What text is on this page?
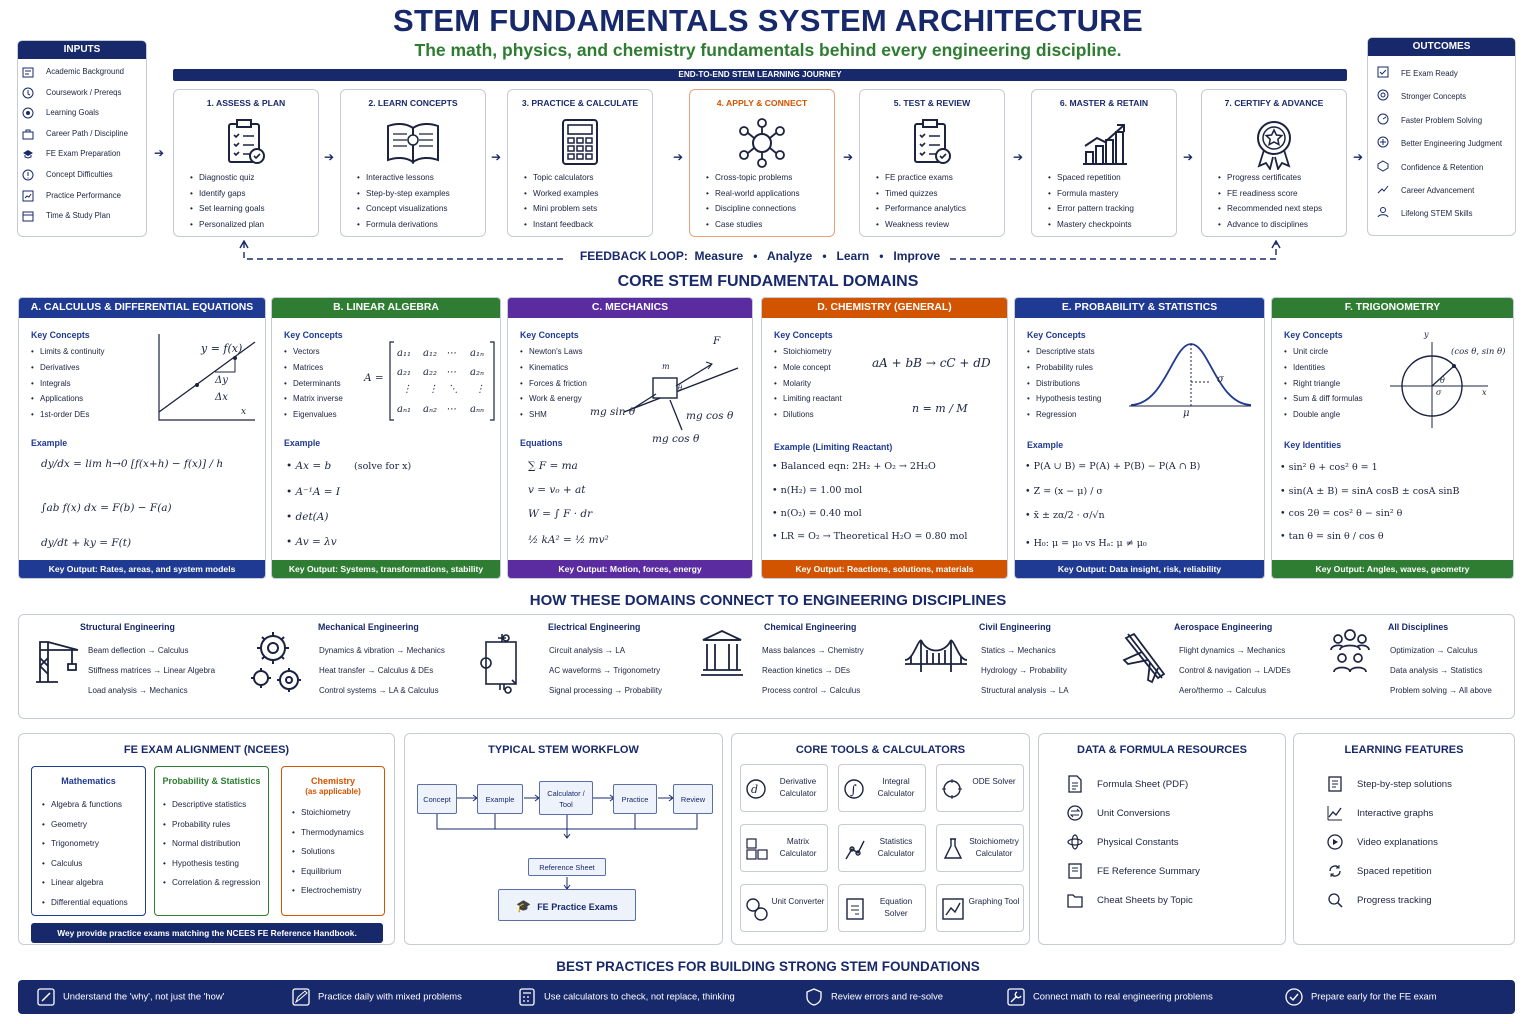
STEM FUNDAMENTALS SYSTEM ARCHITECTURE
The math, physics, and chemistry fundamentals behind every engineering discipline.
INPUTS
Academic Background
Coursework / Prereqs
Learning Goals
Career Path / Discipline
FE Exam Preparation
Concept Difficulties
Practice Performance
Time & Study Plan
➔
OUTCOMES
FE Exam Ready
Stronger Concepts
Faster Problem Solving
Better Engineering Judgment
Confidence & Retention
Career Advancement
Lifelong STEM Skills
END-TO-END STEM LEARNING JOURNEY
1. ASSESS & PLAN
• Diagnostic quiz
• Identify gaps
• Set learning goals
• Personalized plan
➔
2. LEARN CONCEPTS
• Interactive lessons
• Step-by-step examples
• Concept visualizations
• Formula derivations
➔
3. PRACTICE & CALCULATE
• Topic calculators
• Worked examples
• Mini problem sets
• Instant feedback
➔
4. APPLY & CONNECT
• Cross-topic problems
• Real-world applications
• Discipline connections
• Case studies
➔
5. TEST & REVIEW
• FE practice exams
• Timed quizzes
• Performance analytics
• Weakness review
➔
6. MASTER & RETAIN
• Spaced repetition
• Formula mastery
• Error pattern tracking
• Mastery checkpoints
➔
7. CERTIFY & ADVANCE
• Progress certificates
• FE readiness score
• Recommended next steps
• Advance to disciplines
➔
FEEDBACK LOOP:  Measure   •   Analyze   •   Learn   •   Improve
CORE STEM FUNDAMENTAL DOMAINS
A. CALCULUS & DIFFERENTIAL EQUATIONS
Key Concepts
• Limits & continuity
• Derivatives
• Integrals
• Applications
• 1st-order DEs
y = f(x)
Δy
Δx
x
Example
dy/dx = lim h→0 [f(x+h) − f(x)] / h
∫ab f(x) dx = F(b) − F(a)
dy/dt + ky = F(t)
Key Output: Rates, areas, and system models
B. LINEAR ALGEBRA
Key Concepts
• Vectors
• Matrices
• Determinants
• Matrix inverse
• Eigenvalues
A =
a₁₁ a₁₂ ⋯ a₁ₙ
a₂₁ a₂₂ ⋯ a₂ₙ
⋮ ⋮ ⋱ ⋮
aₙ₁ aₙ₂ ⋯ aₙₙ
Example
• Ax = b (solve for x)
• A⁻¹A = I
• det(A)
• Av = λv
Key Output: Systems, transformations, stability
C. MECHANICS
Key Concepts
• Newton's Laws
• Kinematics
• Forces & friction
• Work & energy
• SHM
m
F
θ
mg sin θ	mg cos θ
mg cos θ
Equations
∑ F = ma
v = v₀ + at
W = ∫ F · dr
½ kA² = ½ mv²
Key Output: Motion, forces, energy
D. CHEMISTRY (GENERAL)
Key Concepts
• Stoichiometry
• Mole concept
• Molarity
• Limiting reactant
• Dilutions
aA + bB → cC + dD
n = m / M
Example (Limiting Reactant)
• Balanced eqn: 2H₂ + O₂ → 2H₂O
• n(H₂) = 1.00 mol
• n(O₂) = 0.40 mol
• LR = O₂ → Theoretical H₂O = 0.80 mol
Key Output: Reactions, solutions, materials
E. PROBABILITY & STATISTICS
Key Concepts
• Descriptive stats
• Probability rules
• Distributions
• Hypothesis testing
• Regression
σ
μ
Example
• P(A ∪ B) = P(A) + P(B) − P(A ∩ B)
• Z = (x − μ) / σ
• x̄ ± zα/2 · σ/√n
• H₀: μ = μ₀ vs Hₐ: μ ≠ μ₀
Key Output: Data insight, risk, reliability
F. TRIGONOMETRY
Key Concepts
• Unit circle
• Identities
• Right triangle
• Sum & diff formulas
• Double angle
(cos θ, sin θ)
y
x
θ
σ
Key Identities
• sin² θ + cos² θ = 1
• sin(A ± B) = sinA cosB ± cosA sinB
• cos 2θ = cos² θ − sin² θ
• tan θ = sin θ / cos θ
Key Output: Angles, waves, geometry
HOW THESE DOMAINS CONNECT TO ENGINEERING DISCIPLINES
Structural Engineering
Beam deflection → Calculus
Stiffness matrices → Linear Algebra
Load analysis → Mechanics
Mechanical Engineering
Dynamics & vibration → Mechanics
Heat transfer → Calculus & DEs
Control systems → LA & Calculus
Electrical Engineering
Circuit analysis → LA
AC waveforms → Trigonometry
Signal processing → Probability
Chemical Engineering
Mass balances → Chemistry
Reaction kinetics → DEs
Process control → Calculus
Civil Engineering
Statics → Mechanics
Hydrology → Probability
Structural analysis → LA
Aerospace Engineering
Flight dynamics → Mechanics
Control & navigation → LA/DEs
Aero/thermo → Calculus
All Disciplines
Optimization → Calculus
Data analysis → Statistics
Problem solving → All above
FE EXAM ALIGNMENT (NCEES)
Mathematics
• Algebra & functions
• Geometry
• Trigonometry
• Calculus
• Linear algebra
• Differential equations
Probability & Statistics
• Descriptive statistics
• Probability rules
• Normal distribution
• Hypothesis testing
• Correlation & regression
Chemistry
(as applicable)
• Stoichiometry
• Thermodynamics
• Solutions
• Equilibrium
• Electrochemistry
Wey provide practice exams matching the NCEES FE Reference Handbook.
TYPICAL STEM WORKFLOW
Concept	Example
Calculator / Tool
Practice	Review
Reference Sheet
🎓 FE Practice Exams
CORE TOOLS & CALCULATORS
d
Derivative Calculator	∫
Integral Calculator
ODE Solver
Matrix Calculator
Statistics Calculator
Stoichiometry Calculator
Unit Converter	Equation Solver
Graphing Tool
DATA & FORMULA RESOURCES
Formula Sheet (PDF)
Unit Conversions
Physical Constants
FE Reference Summary
Cheat Sheets by Topic
LEARNING FEATURES
Step-by-step solutions
Interactive graphs
Video explanations
Spaced repetition
Progress tracking
BEST PRACTICES FOR BUILDING STRONG STEM FOUNDATIONS
Understand the 'why', not just the 'how'	Practice daily with mixed problems	Use calculators to check, not replace, thinking	Review errors and re-solve	Connect math to real engineering problems	Prepare early for the FE exam
